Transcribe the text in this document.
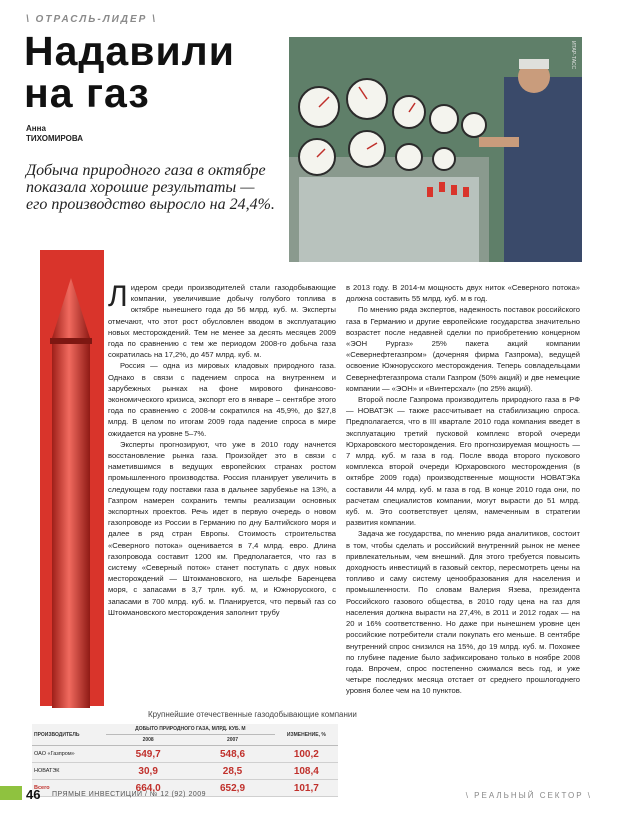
\ ОТРАСЛЬ-ЛИДЕР \
Надавили
на газ
Анна
ТИХОМИРОВА
Добыча природного газа в октябре показала хорошие результаты — его производство выросло на 24,4%.
ИТАР-ТАСС

Лидером среди производителей стали газодобывающие компании, увеличившие добычу голубого топлива в октябре нынешнего года до 56 млрд. куб. м. Эксперты отмечают, что этот рост обусловлен вводом в эксплуатацию новых месторождений. Тем не менее за десять месяцев 2009 года по сравнению с тем же периодом 2008-го добыча газа сократилась на 17,2%, до 457 млрд. куб. м.

Россия — одна из мировых кладовых природного газа. Однако в связи с падением спроса на внутреннем и зарубежных рынках на фоне мирового финансово-экономического кризиса, экспорт его в январе – сентябре этого года по сравнению с 2008-м сократился на 45,9%, до $27,8 млрд. В целом по итогам 2009 года падение спроса в мире ожидается на уровне 5–7%.

Эксперты прогнозируют, что уже в 2010 году начнется восстановление рынка газа. Произойдет это в связи с наметившимся в ведущих европейских странах ростом промышленного производства. Россия планирует увеличить в следующем году поставки газа в дальнее зарубежье на 13%, а Газпром намерен сохранить темпы реализации основных экспортных проектов. Речь идет в первую очередь о новом газопроводе из России в Германию по дну Балтийского моря и далее в ряд стран Европы. Стоимость строительства «Северного потока» оценивается в 7,4 млрд. евро. Длина газопровода составит 1200 км. Предполагается, что газ в систему «Северный поток» станет поступать с двух новых месторождений — Штокмановского, на шельфе Баренцева моря, с запасами в 3,7 трлн. куб. м, и Южнорусского, с запасами в 700 млрд. куб. м. Планируется, что первый газ со Штокмановского месторождения заполнит трубу

в 2013 году. В 2014-м мощность двух ниток «Северного потока» должна составить 55 млрд. куб. м в год.

По мнению ряда экспертов, надежность поставок российского газа в Германию и другие европейские государства значительно возрастет после недавней сделки по приобретению концерном «ЭОН Рургаз» 25% пакета акций компании «Севернефтегазпром» (дочерняя фирма Газпрома), ведущей освоение Южнорусского месторождения. Теперь совладельцами Севернефтегазпрома стали Газпром (50% акций) и две немецкие компании — «ЭОН» и «Винтерсхал» (по 25% акций).

Второй после Газпрома производитель природного газа в РФ — НОВАТЭК — также рассчитывает на стабилизацию спроса. Предполагается, что в III квартале 2010 года компания введет в эксплуатацию третий пусковой комплекс второй очереди Юрхаровского месторождения. Его прогнозируемая мощность — 7 млрд. куб. м газа в год. После ввода второго пускового комплекса второй очереди Юрхаровского месторождения (в октябре 2009 года) производственные мощности НОВАТЭКа составили 44 млрд. куб. м газа в год. В конце 2010 года они, по расчетам специалистов компании, могут вырасти до 51 млрд. куб. м. Это соответствует целям, намеченным в стратегии развития компании.

Задача же государства, по мнению ряда аналитиков, состоит в том, чтобы сделать и российский внутренний рынок не менее привлекательным, чем внешний. Для этого требуется повысить доходность инвестиций в газовый сектор, пересмотреть цены на топливо и саму систему ценообразования для населения и промышленности. По словам Валерия Язева, президента Российского газового общества, в 2010 году цена на газ для населения должна вырасти на 27,4%, в 2011 и 2012 годах — на 20 и 16% соответственно. Но даже при нынешнем уровне цен российские потребители стали покупать его меньше. В сентябре внутренний спрос снизился на 15%, до 19 млрд. куб. м. Похожее по глубине падение было зафиксировано только в ноябре 2008 года. Впрочем, спрос постепенно сжимался весь год, и уже четыре последних месяца отстает от среднего прошлогоднего уровня более чем на 10 пунктов.

Крупнейшие отечественные газодобывающие компании
ПРОИЗВОДИТЕЛЬ	ДОБЫТО ПРИРОДНОГО ГАЗА, МЛРД. КУБ. М		ИЗМЕНЕНИЕ, %
	2008	2007	
ОАО «Газпром»	549,7	548,6	100,2
НОВАТЭК	30,9	28,5	108,4
Всего	664,0	652,9	101,7
46 ПРЯМЫЕ ИНВЕСТИЦИИ / № 12 (92) 2009	\ РЕАЛЬНЫЙ СЕКТОР \
